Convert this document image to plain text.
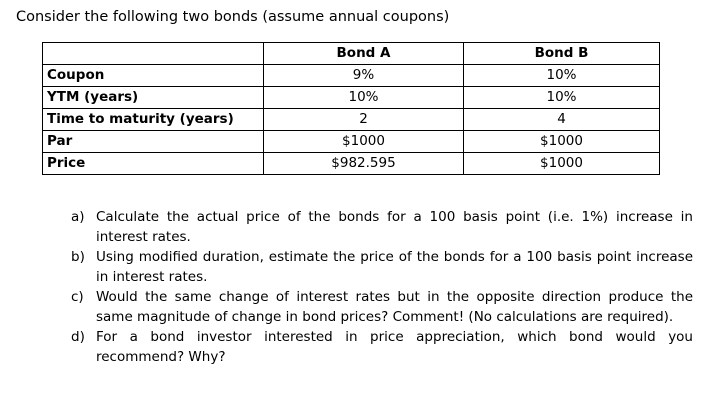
Consider the following two bonds (assume annual coupons)
	Bond A	Bond B
Coupon	9%	10%
YTM (years)	10%	10%
Time to maturity (years)	2	4
Par	$1000	$1000
Price	$982.595	$1000
a) Calculate the actual price of the bonds for a 100 basis point (i.e. 1%) increase in interest rates.
b) Using modified duration, estimate the price of the bonds for a 100 basis point increase in interest rates.
c) Would the same change of interest rates but in the opposite direction produce the same magnitude of change in bond prices? Comment! (No calculations are required).
d) For a bond investor interested in price appreciation, which bond would you recommend? Why?
